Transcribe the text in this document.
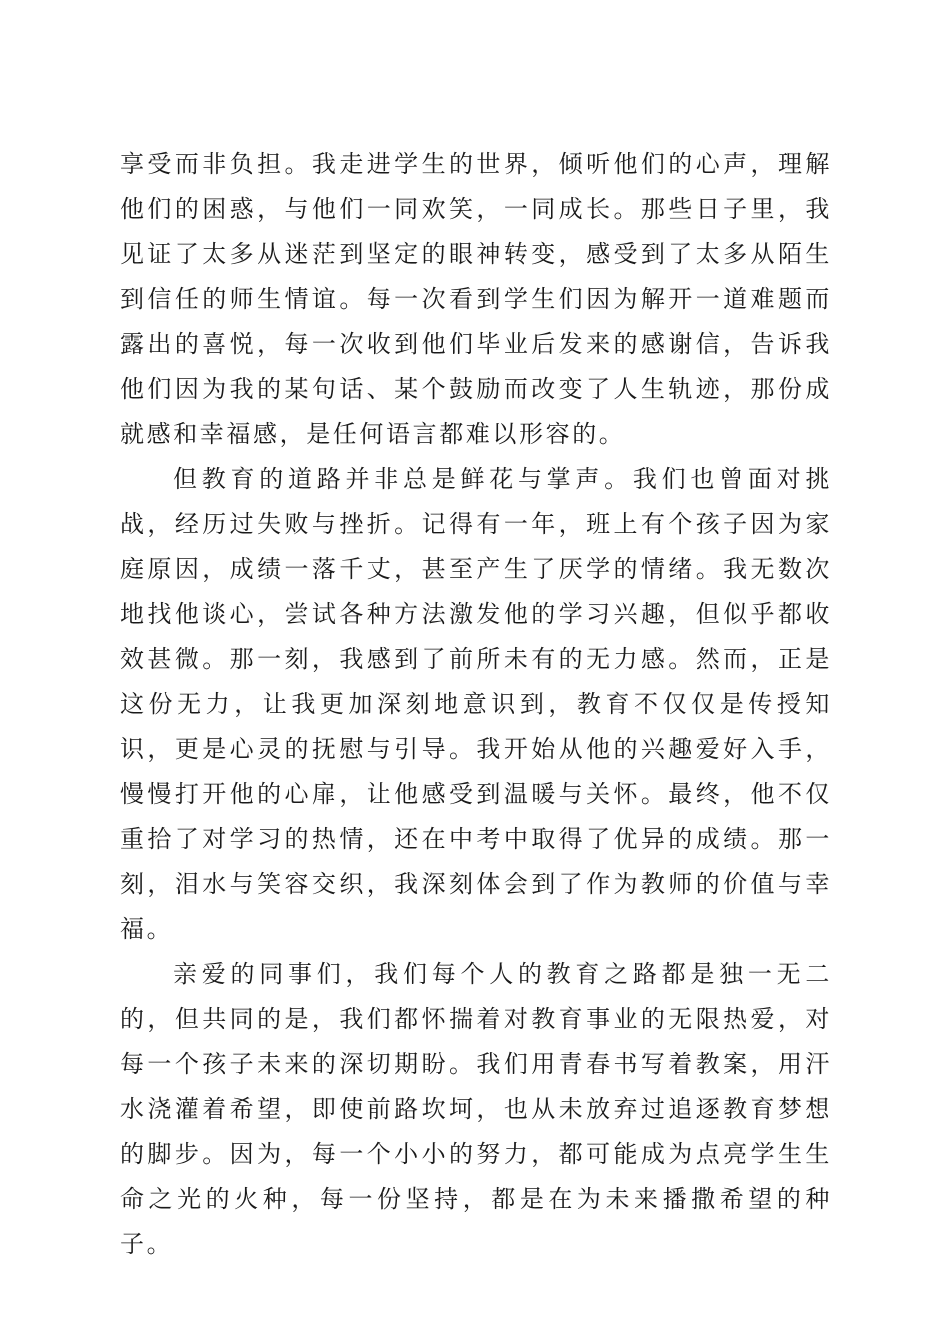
享受而非负担。我走进学生的世界，倾听他们的心声，理解他们的困惑，与他们一同欢笑，一同成长。那些日子里，我见证了太多从迷茫到坚定的眼神转变，感受到了太多从陌生到信任的师生情谊。每一次看到学生们因为解开一道难题而露出的喜悦，每一次收到他们毕业后发来的感谢信，告诉我他们因为我的某句话、某个鼓励而改变了人生轨迹，那份成就感和幸福感，是任何语言都难以形容的。

但教育的道路并非总是鲜花与掌声。我们也曾面对挑战，经历过失败与挫折。记得有一年，班上有个孩子因为家庭原因，成绩一落千丈，甚至产生了厌学的情绪。我无数次地找他谈心，尝试各种方法激发他的学习兴趣，但似乎都收效甚微。那一刻，我感到了前所未有的无力感。然而，正是这份无力，让我更加深刻地意识到，教育不仅仅是传授知识，更是心灵的抚慰与引导。我开始从他的兴趣爱好入手，慢慢打开他的心扉，让他感受到温暖与关怀。最终，他不仅重拾了对学习的热情，还在中考中取得了优异的成绩。那一刻，泪水与笑容交织，我深刻体会到了作为教师的价值与幸福。

亲爱的同事们，我们每个人的教育之路都是独一无二的，但共同的是，我们都怀揣着对教育事业的无限热爱，对每一个孩子未来的深切期盼。我们用青春书写着教案，用汗水浇灌着希望，即使前路坎坷，也从未放弃过追逐教育梦想的脚步。因为，每一个小小的努力，都可能成为点亮学生生命之光的火种，每一份坚持，都是在为未来播撒希望的种子。
